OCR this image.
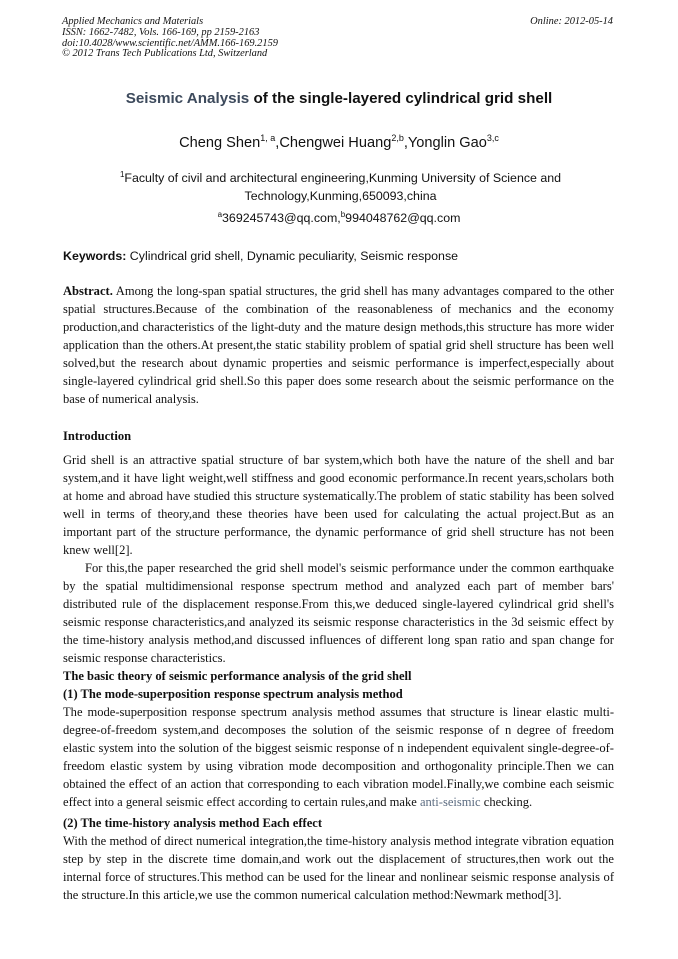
Applied Mechanics and Materials
ISSN: 1662-7482, Vols. 166-169, pp 2159-2163
doi:10.4028/www.scientific.net/AMM.166-169.2159
© 2012 Trans Tech Publications Ltd, Switzerland
Online: 2012-05-14
Seismic Analysis of the single-layered cylindrical grid shell
Cheng Shen$^{1, a}$,Chengwei Huang$^{2,b}$,Yonglin Gao$^{3,c}$
$^1$Faculty of civil and architectural engineering,Kunming University of Science and Technology,Kunming,650093,china
$^a$369245743@qq.com,$^b$994048762@qq.com
Keywords: Cylindrical grid shell, Dynamic peculiarity, Seismic response

Abstract. Among the long-span spatial structures, the grid shell has many advantages compared to the other spatial structures.Because of the combination of the reasonableness of mechanics and the economy production,and characteristics of the light-duty and the mature design methods,this structure has more wider application than the others.At present,the static stability problem of spatial grid shell structure has been well solved,but the research about dynamic properties and seismic performance is imperfect,especially about single-layered cylindrical grid shell.So this paper does some research about the seismic performance on the base of numerical analysis.

Introduction

Grid shell is an attractive spatial structure of bar system,which both have the nature of the shell and bar system,and it have light weight,well stiffness and good economic performance.In recent years,scholars both at home and abroad have studied this structure systematically.The problem of static stability has been solved well in terms of theory,and these theories have been used for calculating the actual project.But as an important part of the structure performance, the dynamic performance of grid shell structure has not been knew well[2].

For this,the paper researched the grid shell model's seismic performance under the common earthquake by the spatial multidimensional response spectrum method and analyzed each part of member bars' distributed rule of the displacement response.From this,we deduced single-layered cylindrical grid shell's seismic response characteristics,and analyzed its seismic response characteristics in the 3d seismic effect by the time-history analysis method,and discussed influences of different long span ratio and span change for seismic response characteristics.

The basic theory of seismic performance analysis of the grid shell
(1) The mode-superposition response spectrum analysis method

The mode-superposition response spectrum analysis method assumes that structure is linear elastic multi-degree-of-freedom system,and decomposes the solution of the seismic response of n degree of freedom elastic system into the solution of the biggest seismic response of n independent equivalent single-degree-of-freedom elastic system by using vibration mode decomposition and orthogonality principle.Then we can obtained the effect of an action that corresponding to each vibration model.Finally,we combine each seismic effect into a general seismic effect according to certain rules,and make anti-seismic checking.

(2) The time-history analysis method Each effect

With the method of direct numerical integration,the time-history analysis method integrate vibration equation step by step in the discrete time domain,and work out the displacement of structures,then work out the internal force of structures.This method can be used for the linear and nonlinear seismic response analysis of the structure.In this article,we use the common numerical calculation method:Newmark method[3].
